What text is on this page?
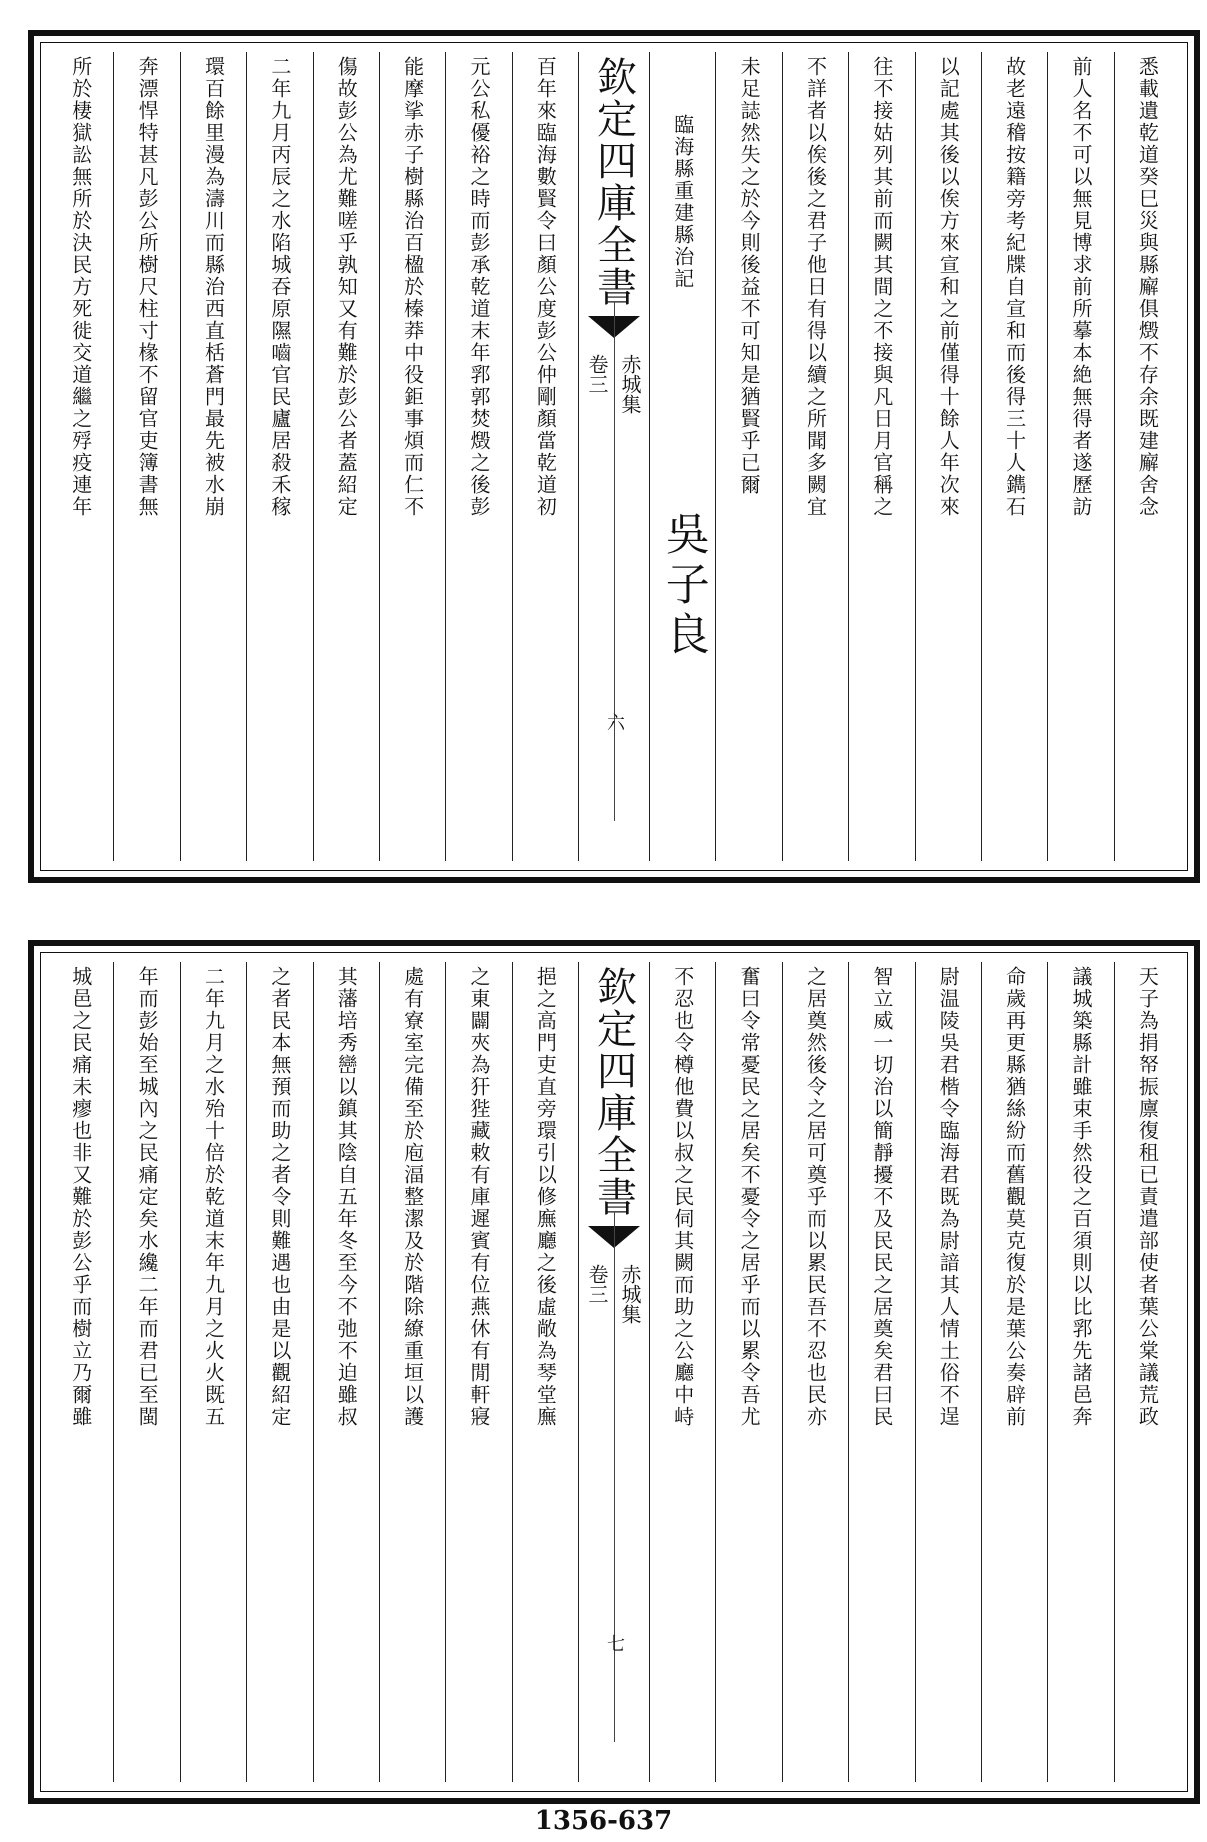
悉載遺乾道癸巳災與縣廨俱燬不存余既建廨舍念
前人名不可以無見博求前所摹本絶無得者遂歷訪
故老遠稽按籍旁考紀牒自宣和而後得三十人鐫石
以記處其後以俟方來宣和之前僅得十餘人年次來
往不接姑列其前而闕其間之不接與凡日月官稱之
不詳者以俟後之君子他日有得以續之所聞多闕宜
未足誌然失之於今則後益不可知是猶賢乎已爾
臨海縣重建縣治記
吳子良
欽定四庫全書
赤城集
卷三
六
百年來臨海數賢令曰顏公度彭公仲剛顏當乾道初
元公私優裕之時而彭承乾道末年郛郭焚燬之後彭
能摩挲赤子樹縣治百楹於榛莽中役鉅事煩而仁不
傷故彭公為尤難嗟乎孰知又有難於彭公者蓋紹定
二年九月丙辰之水陷城吞原隰嚙官民廬居殺禾稼
環百餘里漫為濤川而縣治西直栝蒼門最先被水崩
奔漂悍特甚凡彭公所樹尺柱寸椽不留官吏簿書無
所於棲獄訟無所於決民方死徙交道繼之殍疫連年
天子為捐帑振廪復租已責遣部使者葉公棠議荒政
議城築縣計雖束手然役之百須則以比郛先諸邑奔
命歲再更縣猶絲紛而舊觀莫克復於是葉公奏辟前
尉温陵吳君楷令臨海君既為尉諳其人情土俗不逞
智立威一切治以簡靜擾不及民民之居奠矣君曰民
之居奠然後令之居可奠乎而以累民吾不忍也民亦
奮曰令常憂民之居矣不憂令之居乎而以累令吾尤
不忍也令樽他費以叔之民伺其闕而助之公廳中峙
欽定四庫全書
赤城集
卷三
七
挹之高門吏直旁環引以修廡廳之後虛敞為琴堂廡
之東闢夾為犴狴藏敕有庫遲賓有位燕休有閒軒寢
處有寮室完備至於庖湢整潔及於階除繚重垣以護
其藩培秀巒以鎮其陰自五年冬至今不弛不迫雖叔
之者民本無預而助之者令則難遇也由是以觀紹定
二年九月之水殆十倍於乾道末年九月之火火既五
年而彭始至城內之民痛定矣水纔二年而君已至閩
城邑之民痛未瘳也非又難於彭公乎而樹立乃爾雖
1356-637
